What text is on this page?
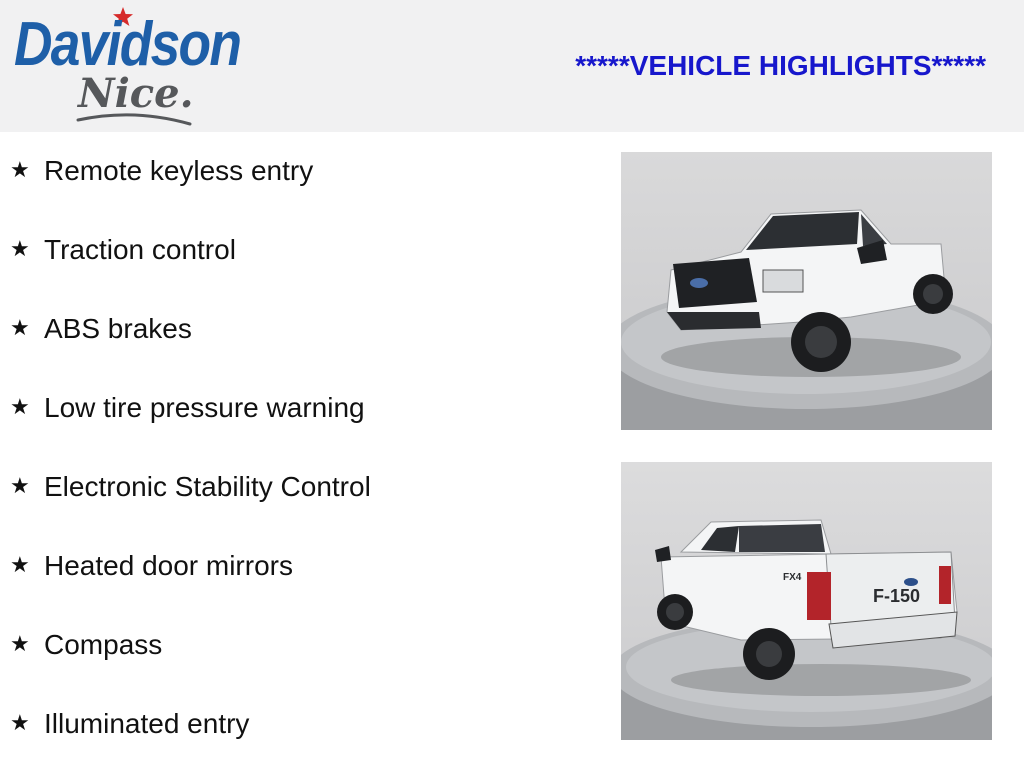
Davidson
Nice.
*****VEHICLE HIGHLIGHTS*****
★ Remote keyless entry
★ Traction control
★ ABS brakes
★ Low tire pressure warning
★ Electronic Stability Control
★ Heated door mirrors
★ Compass
★ Illuminated entry
F-150
FX4
